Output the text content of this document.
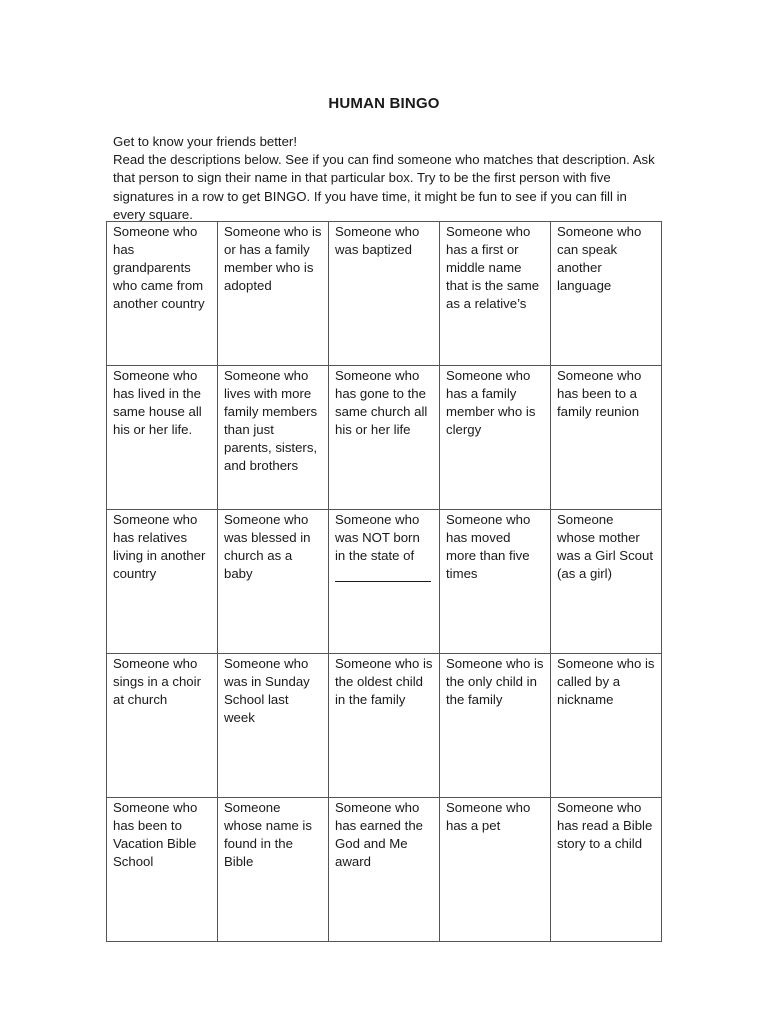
HUMAN BINGO

Get to know your friends better!

Read the descriptions below. See if you can find someone who matches that description. Ask that person to sign their name in that particular box. Try to be the first person with five signatures in a row to get BINGO. If you have time, it might be fun to see if you can fill in every square.

Someone who has grandparents who came from another country	Someone who is or has a family member who is adopted	Someone who was baptized	Someone who has a first or middle name that is the same as a relative’s	Someone who can speak another language
Someone who has lived in the same house all his or her life.	Someone who lives with more family members than just parents, sisters, and brothers	Someone who has gone to the same church all his or her life	Someone who has a family member who is clergy	Someone who has been to a family reunion
Someone who has relatives living in another country	Someone who was blessed in church as a baby	Someone who was NOT born in the state of	Someone who has moved more than five times	Someone whose mother was a Girl Scout (as a girl)
Someone who sings in a choir at church	Someone who was in Sunday School last week	Someone who is the oldest child in the family	Someone who is the only child in the family	Someone who is called by a nickname
Someone who has been to Vacation Bible School	Someone whose name is found in the Bible	Someone who has earned the God and Me award	Someone who has a pet	Someone who has read a Bible story to a child
